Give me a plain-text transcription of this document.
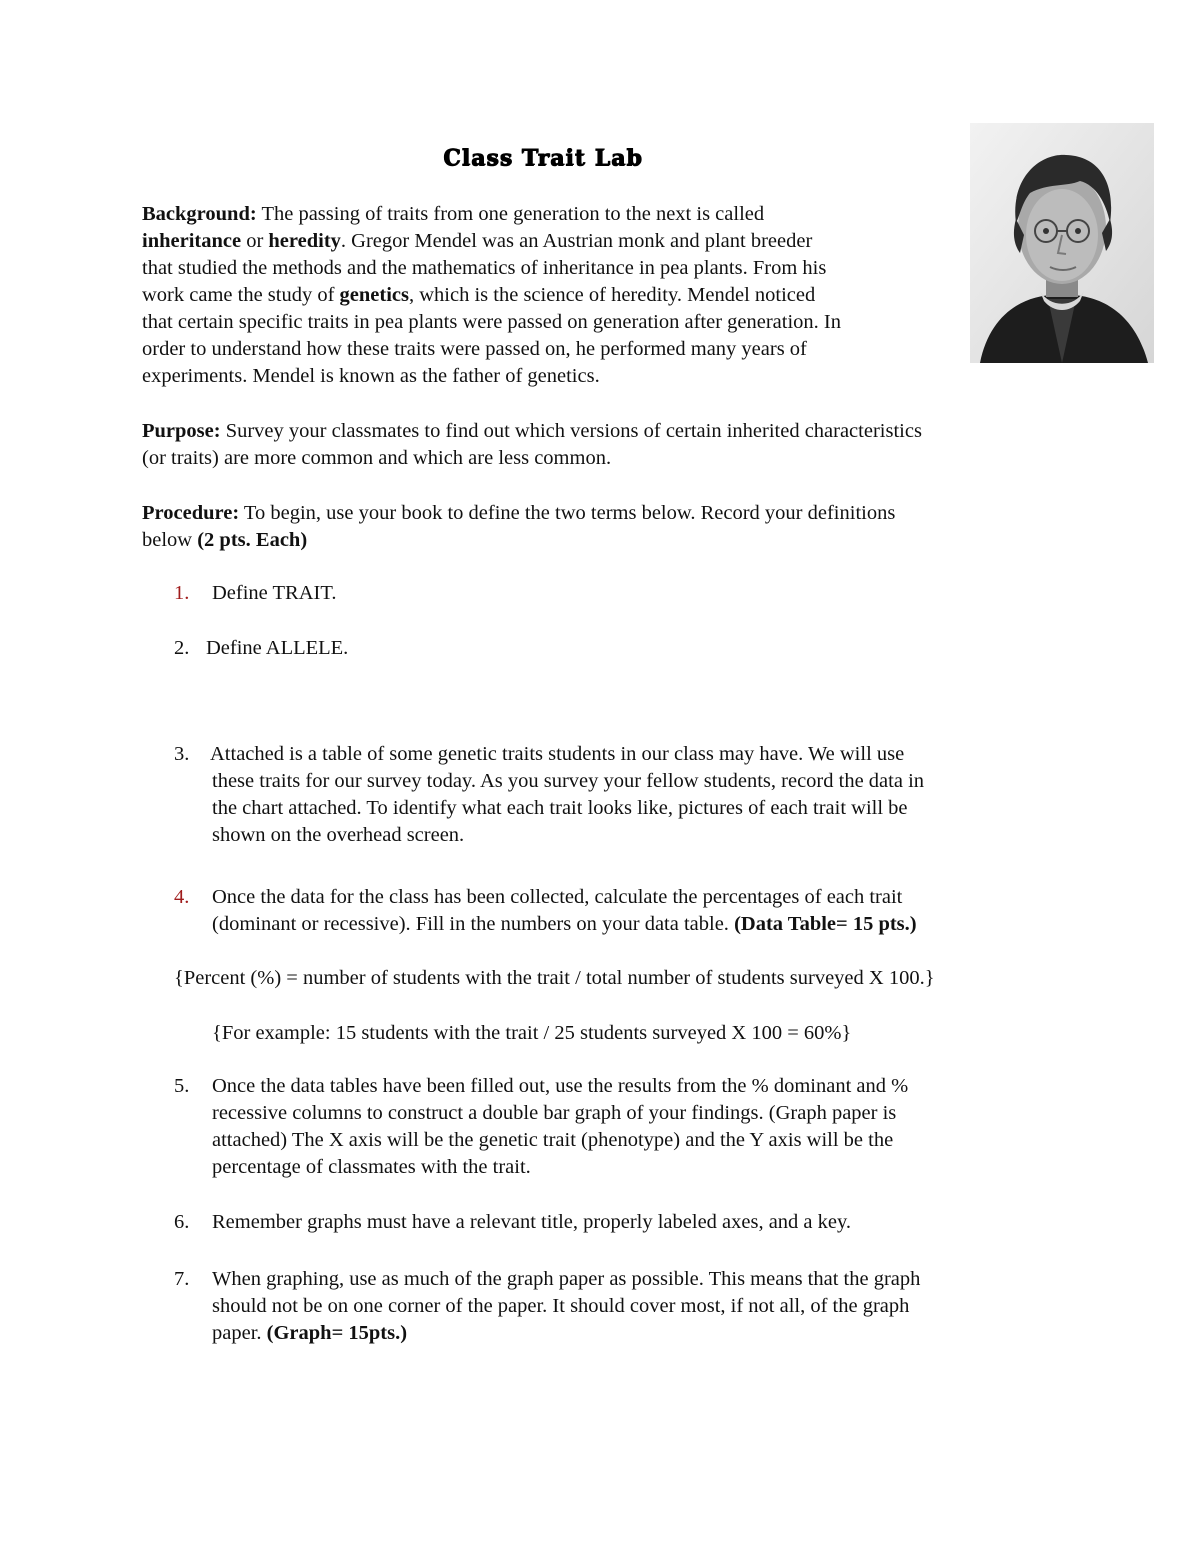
Class Trait Lab
Background: The passing of traits from one generation to the next is called
inheritance or heredity. Gregor Mendel was an Austrian monk and plant breeder
that studied the methods and the mathematics of inheritance in pea plants. From his
work came the study of genetics, which is the science of heredity. Mendel noticed
that certain specific traits in pea plants were passed on generation after generation. In
order to understand how these traits were passed on, he performed many years of
experiments. Mendel is known as the father of genetics.
Purpose: Survey your classmates to find out which versions of certain inherited characteristics
(or traits) are more common and which are less common.
Procedure: To begin, use your book to define the two terms below. Record your definitions
below (2 pts. Each)
1. Define TRAIT.
2. Define ALLELE.
3. Attached is a table of some genetic traits students in our class may have. We will use
these traits for our survey today. As you survey your fellow students, record the data in
the chart attached. To identify what each trait looks like, pictures of each trait will be
shown on the overhead screen.
4. Once the data for the class has been collected, calculate the percentages of each trait
(dominant or recessive). Fill in the numbers on your data table. (Data Table= 15 pts.)
{Percent (%) = number of students with the trait / total number of students surveyed X 100.}
{For example: 15 students with the trait / 25 students surveyed X 100 = 60%}
5. Once the data tables have been filled out, use the results from the % dominant and %
recessive columns to construct a double bar graph of your findings. (Graph paper is
attached) The X axis will be the genetic trait (phenotype) and the Y axis will be the
percentage of classmates with the trait.
6. Remember graphs must have a relevant title, properly labeled axes, and a key.
7. When graphing, use as much of the graph paper as possible. This means that the graph
should not be on one corner of the paper. It should cover most, if not all, of the graph
paper. (Graph= 15pts.)
